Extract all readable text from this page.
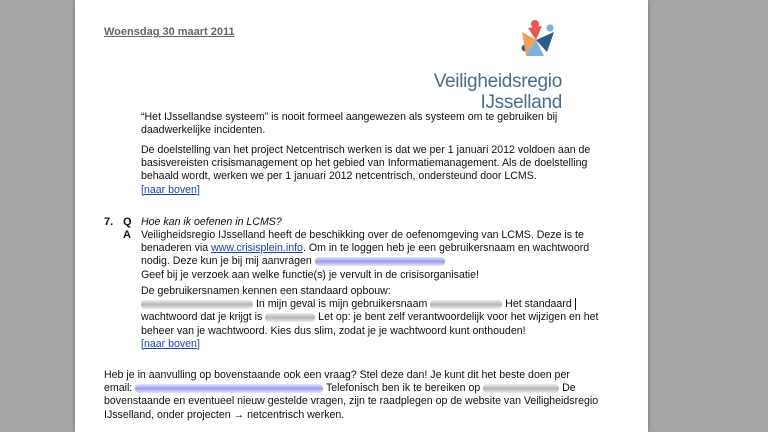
Woensdag 30 maart 2011
Veiligheidsregio
IJsselland
“Het IJssellandse systeem” is nooit formeel aangewezen als systeem om te gebruiken bij daadwerkelijke incidenten.
De doelstelling van het project Netcentrisch werken is dat we per 1 januari 2012 voldoen aan de basisvereisten crisismanagement op het gebied van Informatiemanagement. Als de doelstelling behaald wordt, werken we per 1 januari 2012 netcentrisch, ondersteund door LCMS.
[naar boven]
7. Q
A
Hoe kan ik oefenen in LCMS?
Veiligheidsregio IJsselland heeft de beschikking over de oefenomgeving van LCMS. Deze is te benaderen via www.crisisplein.info. Om in te loggen heb je een gebruikersnaam en wachtwoord nodig. Deze kun je bij mij aanvragen
Geef bij je verzoek aan welke functie(s) je vervult in de crisisorganisatie!
De gebruikersnamen kennen een standaard opbouw:
In mijn geval is mijn gebruikersnaam	Het standaard
wachtwoord dat je krijgt is	Let op: je bent zelf verantwoordelijk voor het wijzigen en het beheer van je wachtwoord. Kies dus slim, zodat je je wachtwoord kunt onthouden!
[naar boven]
Heb je in aanvulling op bovenstaande ook een vraag? Stel deze dan! Je kunt dit het beste doen per
email:	Telefonisch ben ik te bereiken op	De
bovenstaande en eventueel nieuw gestelde vragen, zijn te raadplegen op de website van Veiligheidsregio IJsselland, onder projecten → netcentrisch werken.
